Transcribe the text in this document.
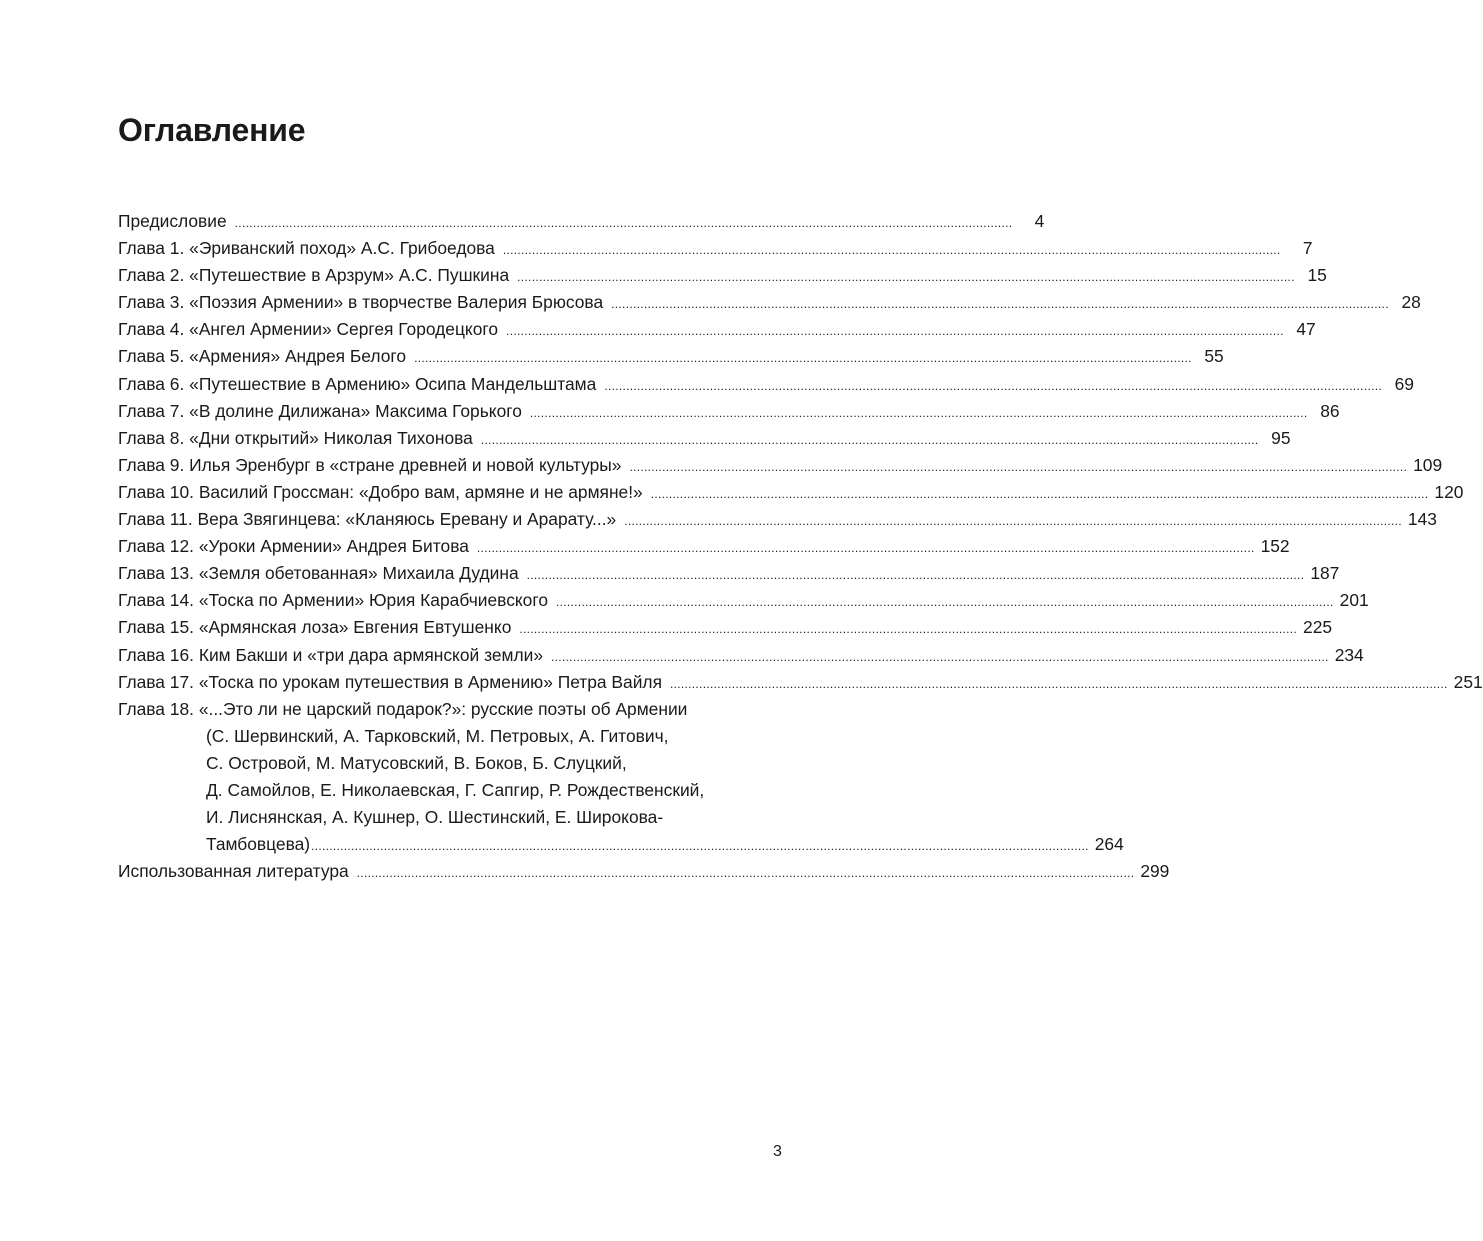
Оглавление
Предисловие ......................................................................................................................................................................................................................	4
Глава 1. «Эриванский поход» А.С. Грибоедова ......................................................................................................................................................................................................................	7
Глава 2. «Путешествие в Арзрум» А.С. Пушкина ...................................................................................................................................................................................................................... 15
Глава 3. «Поэзия Армении» в творчестве Валерия Брюсова ...................................................................................................................................................................................................................... 28
Глава 4. «Ангел Армении» Сергея Городецкого ...................................................................................................................................................................................................................... 47
Глава 5. «Армения» Андрея Белого ...................................................................................................................................................................................................................... 55
Глава 6. «Путешествие в Армению» Осипа Мандельштама ...................................................................................................................................................................................................................... 69
Глава 7. «В долине Дилижана» Максима Горького ...................................................................................................................................................................................................................... 86
Глава 8. «Дни открытий» Николая Тихонова ...................................................................................................................................................................................................................... 95
Глава 9. Илья Эренбург в «стране древней и новой культуры» ...................................................................................................................................................................................................................... 109
Глава 10. Василий Гроссман: «Добро вам, армяне и не армяне!» ...................................................................................................................................................................................................................... 120
Глава 11. Вера Звягинцева: «Кланяюсь Еревану и Арарату...» ...................................................................................................................................................................................................................... 143
Глава 12. «Уроки Армении» Андрея Битова ...................................................................................................................................................................................................................... 152
Глава 13. «Земля обетованная» Михаила Дудина ...................................................................................................................................................................................................................... 187
Глава 14. «Тоска по Армении» Юрия Карабчиевского ...................................................................................................................................................................................................................... 201
Глава 15. «Армянская лоза» Евгения Евтушенко ...................................................................................................................................................................................................................... 225
Глава 16. Ким Бакши и «три дара армянской земли» ...................................................................................................................................................................................................................... 234
Глава 17. «Тоска по урокам путешествия в Армению» Петра Вайля ...................................................................................................................................................................................................................... 251
Глава 18. «...Это ли не царский подарок?»: русские поэты об Армении
(С. Шервинский, А. Тарковский, М. Петровых, А. Гитович,
С. Островой, М. Матусовский, В. Боков, Б. Слуцкий,
Д. Самойлов, Е. Николаевская, Г. Сапгир, Р. Рождественский,
И. Лиснянская, А. Кушнер, О. Шестинский, Е. Широкова-
Тамбовцева) ...................................................................................................................................................................................................................... 264
Использованная литература ...................................................................................................................................................................................................................... 299
3
